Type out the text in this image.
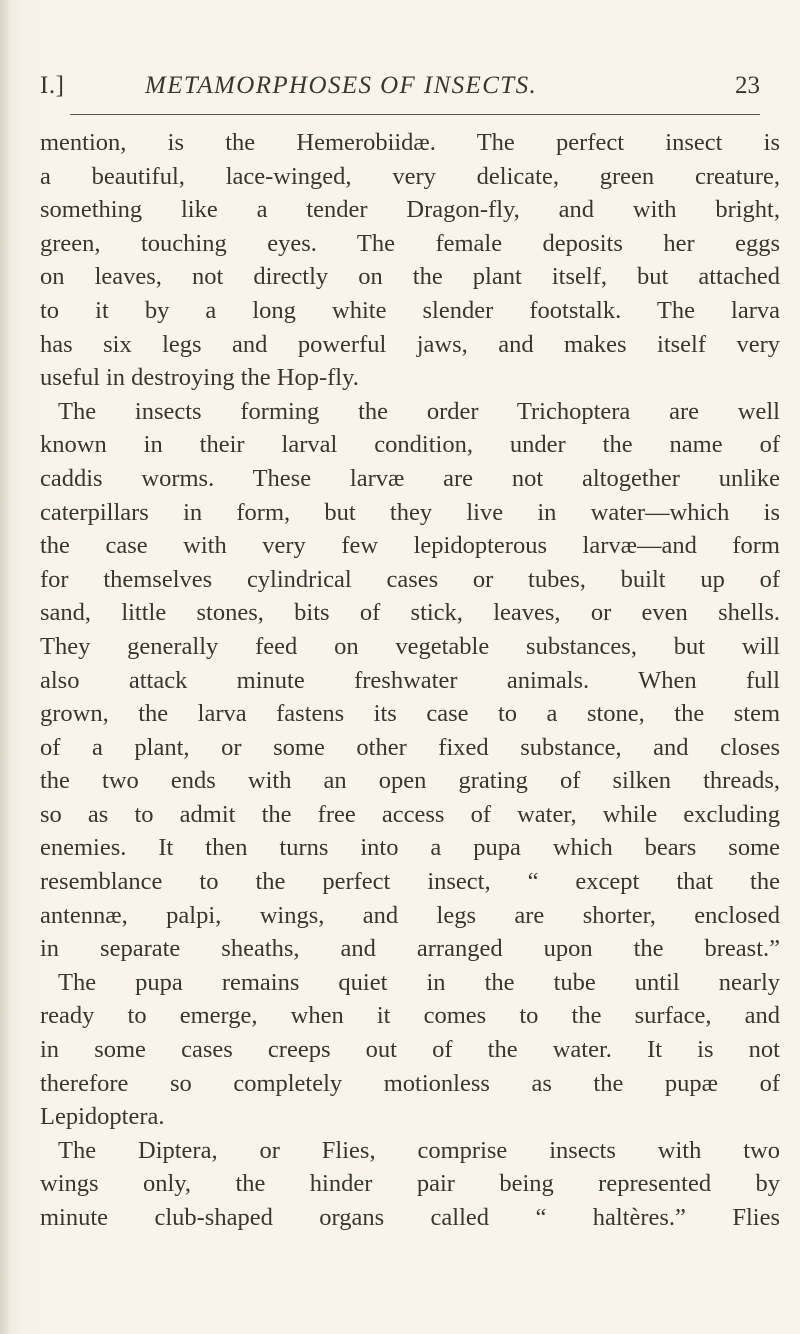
I.]	METAMORPHOSES OF INSECTS.	23
mention, is the Hemerobiidæ. The perfect insect is
a beautiful, lace-winged, very delicate, green creature,
something like a tender Dragon-fly, and with bright,
green, touching eyes. The female deposits her eggs
on leaves, not directly on the plant itself, but attached
to it by a long white slender footstalk. The larva
has six legs and powerful jaws, and makes itself very
useful in destroying the Hop-fly.
The insects forming the order Trichoptera are well
known in their larval condition, under the name of
caddis worms. These larvæ are not altogether unlike
caterpillars in form, but they live in water—which is
the case with very few lepidopterous larvæ—and form
for themselves cylindrical cases or tubes, built up of
sand, little stones, bits of stick, leaves, or even shells.
They generally feed on vegetable substances, but will
also attack minute freshwater animals. When full
grown, the larva fastens its case to a stone, the stem
of a plant, or some other fixed substance, and closes
the two ends with an open grating of silken threads,
so as to admit the free access of water, while excluding
enemies. It then turns into a pupa which bears some
resemblance to the perfect insect, “ except that the
antennæ, palpi, wings, and legs are shorter, enclosed
in separate sheaths, and arranged upon the breast.”
The pupa remains quiet in the tube until nearly
ready to emerge, when it comes to the surface, and
in some cases creeps out of the water. It is not
therefore so completely motionless as the pupæ of
Lepidoptera.
The Diptera, or Flies, comprise insects with two
wings only, the hinder pair being represented by
minute club-shaped organs called “ haltères.” Flies
